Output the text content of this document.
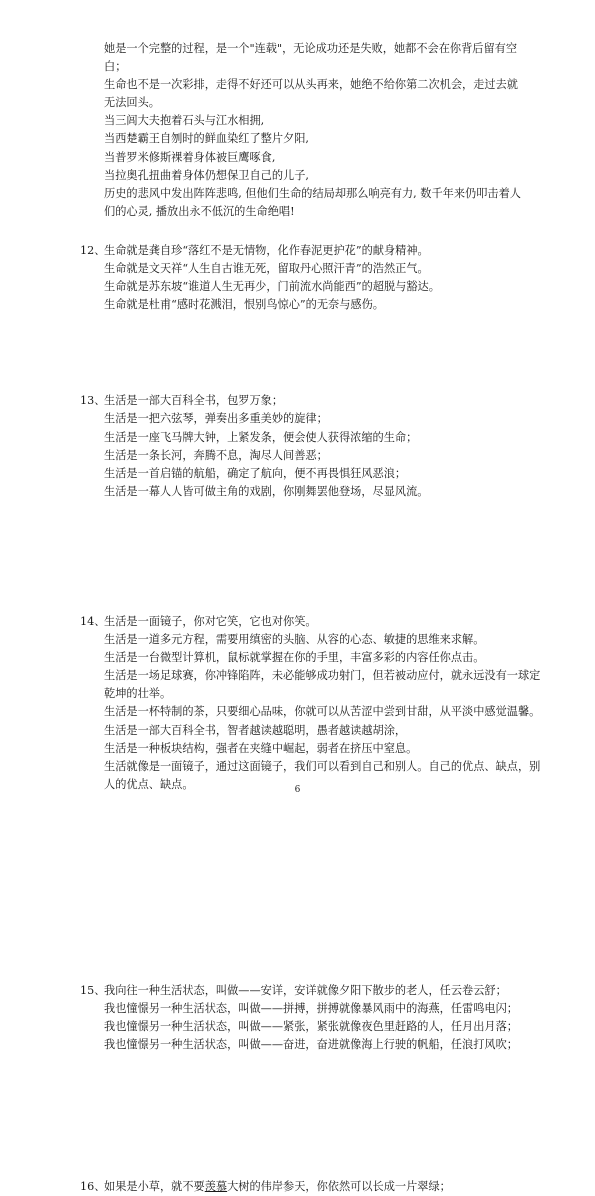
她是一个完整的过程，是一个"连载"，无论成功还是失败，她都不会在你背后留有空白；

生命也不是一次彩排，走得不好还可以从头再来，她绝不给你第二次机会，走过去就无法回头。

当三闾大夫抱着石头与江水相拥,

当西楚霸王自刎时的鲜血染红了整片夕阳,

当普罗米修斯裸着身体被巨鹰啄食,

当拉奥孔扭曲着身体仍想保卫自己的儿子,

历史的悲风中发出阵阵悲鸣, 但他们生命的结局却那么响亮有力, 数千年来仍叩击着人们的心灵, 播放出永不低沉的生命绝唱!

12、

生命就是龚自珍“落红不是无情物，化作春泥更护花”的献身精神。

生命就是文天祥“人生自古谁无死，留取丹心照汗青”的浩然正气。

生命就是苏东坡“谁道人生无再少，门前流水尚能西”的超脱与豁达。

生命就是杜甫“感时花溅泪，恨别鸟惊心”的无奈与感伤。

13、

生活是一部大百科全书，包罗万象；

生活是一把六弦琴，弹奏出多重美妙的旋律；

生活是一座飞马牌大钟，上紧发条，便会使人获得浓缩的生命；

生活是一条长河，奔腾不息，淘尽人间善恶；

生活是一首启锚的航船，确定了航向，便不再畏惧狂风恶浪；

生活是一幕人人皆可做主角的戏剧，你刚舞罢他登场，尽显风流。

14、

生活是一面镜子，你对它笑，它也对你笑。

生活是一道多元方程，需要用缜密的头脑、从容的心态、敏捷的思维来求解。

生活是一台微型计算机，鼠标就掌握在你的手里，丰富多彩的内容任你点击。

生活是一场足球赛，你冲锋陷阵，未必能够成功射门，但若被动应付，就永远没有一球定乾坤的壮举。

生活是一杯特制的茶，只要细心品味，你就可以从苦涩中尝到甘甜，从平淡中感觉温馨。

生活是一部大百科全书，智者越读越聪明，愚者越读越胡涂，

生活是一种板块结构，强者在夹缝中崛起，弱者在挤压中窒息。

生活就像是一面镜子，通过这面镜子，我们可以看到自己和别人。自己的优点、缺点，别人的优点、缺点。

15、

我向往一种生活状态，叫做——安详，安详就像夕阳下散步的老人，任云卷云舒；

我也憧憬另一种生活状态，叫做——拼搏，拼搏就像暴风雨中的海燕，任雷鸣电闪；

我也憧憬另一种生活状态，叫做——紧张，紧张就像夜色里赶路的人，任月出月落；

我也憧憬另一种生活状态，叫做——奋进，奋进就像海上行驶的帆船，任浪打风吹；

16、

如果是小草，就不要羡慕大树的伟岸参天，你依然可以长成一片翠绿；

6
